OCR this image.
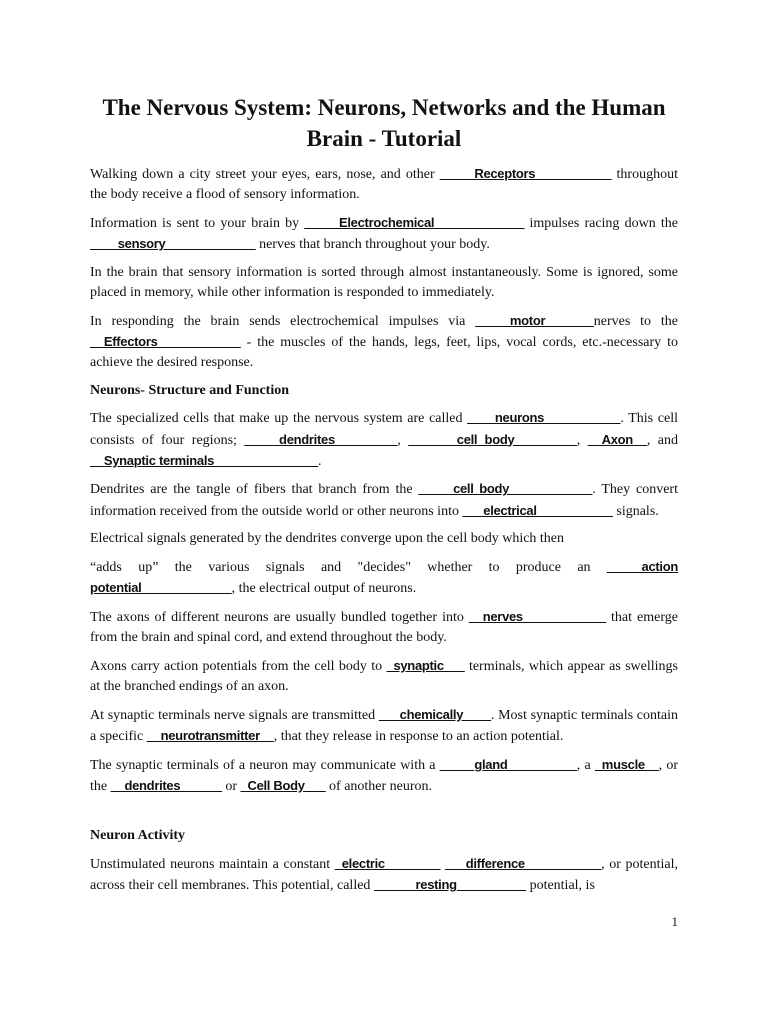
The Nervous System: Neurons, Networks and the Human Brain - Tutorial

Walking down a city street your eyes, ears, nose, and other _____Receptors___________ throughout the body receive a flood of sensory information.

Information is sent to your brain by _____Electrochemical_____________ impulses racing down the ____sensory_____________ nerves that branch throughout your body.

In the brain that sensory information is sorted through almost instantaneously. Some is ignored, some placed in memory, while other information is responded to immediately.

In responding the brain sends electrochemical impulses via _____motor_______nerves to the __Effectors____________ - the muscles of the hands, legs, feet, lips, vocal cords, etc.-necessary to achieve the desired response.

Neurons- Structure and Function

The specialized cells that make up the nervous system are called ____neurons___________. This cell consists of four regions; _____dendrites_________, _______cell body_________, __Axon__, and __Synaptic terminals_______________.

Dendrites are the tangle of fibers that branch from the _____cell body____________. They convert information received from the outside world or other neurons into ___electrical___________ signals.

Electrical signals generated by the dendrites converge upon the cell body which then

“adds up” the various signals and "decides" whether to produce an _____action potential_____________, the electrical output of neurons.

The axons of different neurons are usually bundled together into __nerves____________ that emerge from the brain and spinal cord, and extend throughout the body.

Axons carry action potentials from the cell body to _synaptic___ terminals, which appear as swellings at the branched endings of an axon.

At synaptic terminals nerve signals are transmitted ___chemically____. Most synaptic terminals contain a specific __neurotransmitter__, that they release in response to an action potential.

The synaptic terminals of a neuron may communicate with a _____gland__________, a _muscle__, or the __dendrites______ or _Cell Body___ of another neuron.

Neuron Activity

Unstimulated neurons maintain a constant _electric________ ___difference___________, or potential, across their cell membranes. This potential, called ______resting__________ potential, is

1
